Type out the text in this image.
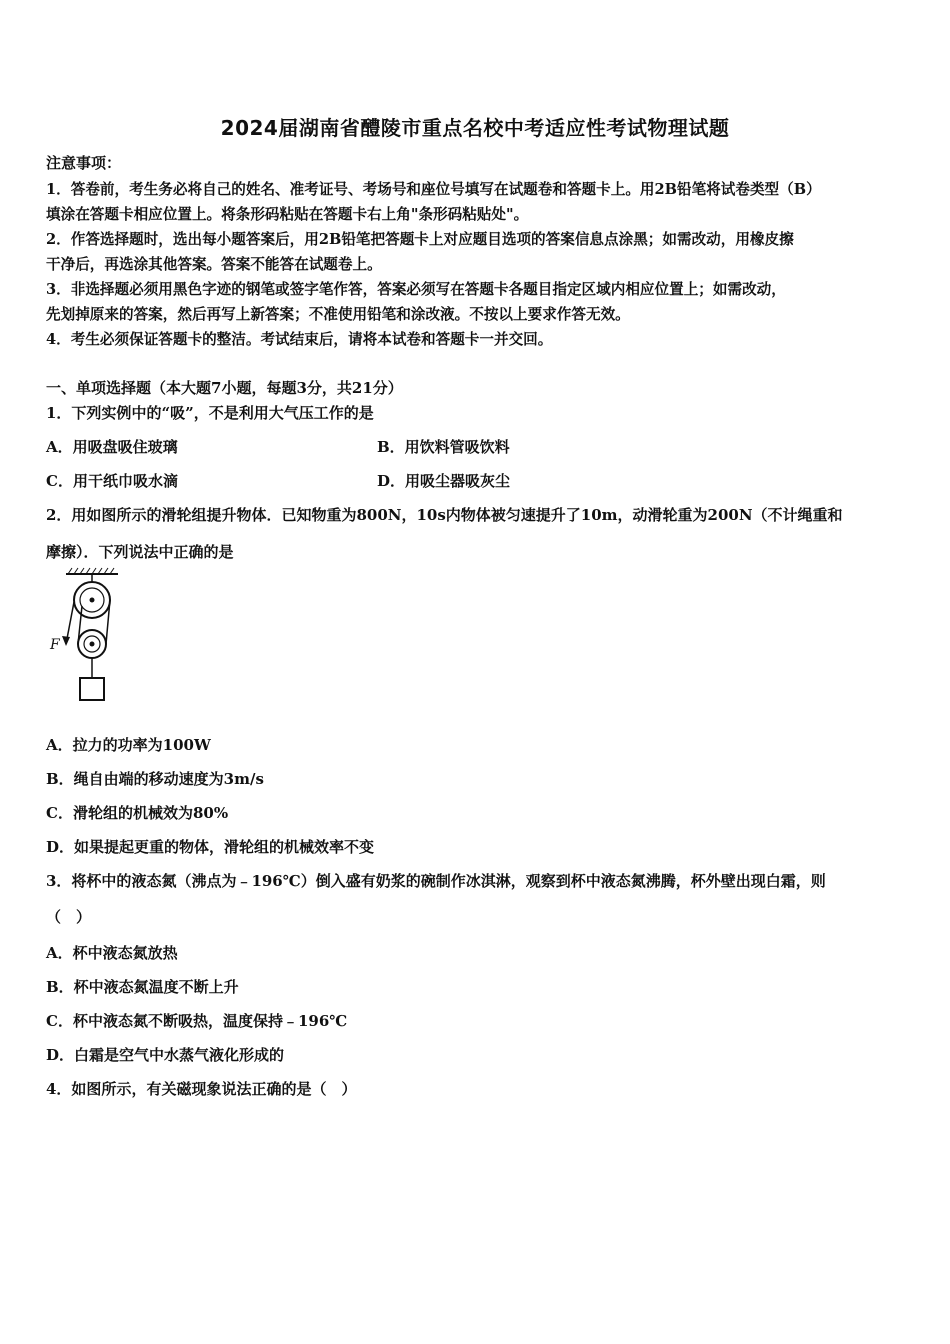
2024届湖南省醴陵市重点名校中考适应性考试物理试题
注意事项：
1．答卷前，考生务必将自己的姓名、准考证号、考场号和座位号填写在试题卷和答题卡上。用2B铅笔将试卷类型（B）
填涂在答题卡相应位置上。将条形码粘贴在答题卡右上角"条形码粘贴处"。
2．作答选择题时，选出每小题答案后，用2B铅笔把答题卡上对应题目选项的答案信息点涂黑；如需改动，用橡皮擦
干净后，再选涂其他答案。答案不能答在试题卷上。
3．非选择题必须用黑色字迹的钢笔或签字笔作答，答案必须写在答题卡各题目指定区域内相应位置上；如需改动，
先划掉原来的答案，然后再写上新答案；不准使用铅笔和涂改液。不按以上要求作答无效。
4．考生必须保证答题卡的整洁。考试结束后，请将本试卷和答题卡一并交回。
一、单项选择题（本大题7小题，每题3分，共21分）
1．下列实例中的“吸”，不是利用大气压工作的是
A．用吸盘吸住玻璃	B．用饮料管吸饮料
C．用干纸巾吸水滴	D．用吸尘器吸灰尘
2．用如图所示的滑轮组提升物体．已知物重为800N，10s内物体被匀速提升了10m，动滑轮重为200N（不计绳重和
摩擦）．下列说法中正确的是
F
A．拉力的功率为100W
B．绳自由端的移动速度为3m/s
C．滑轮组的机械效为80%
D．如果提起更重的物体，滑轮组的机械效率不变
3．将杯中的液态氮（沸点为﹣196℃）倒入盛有奶浆的碗制作冰淇淋，观察到杯中液态氮沸腾，杯外壁出现白霜，则
（　）
A．杯中液态氮放热
B．杯中液态氮温度不断上升
C．杯中液态氮不断吸热，温度保持﹣196℃
D．白霜是空气中水蒸气液化形成的
4．如图所示，有关磁现象说法正确的是（　）
